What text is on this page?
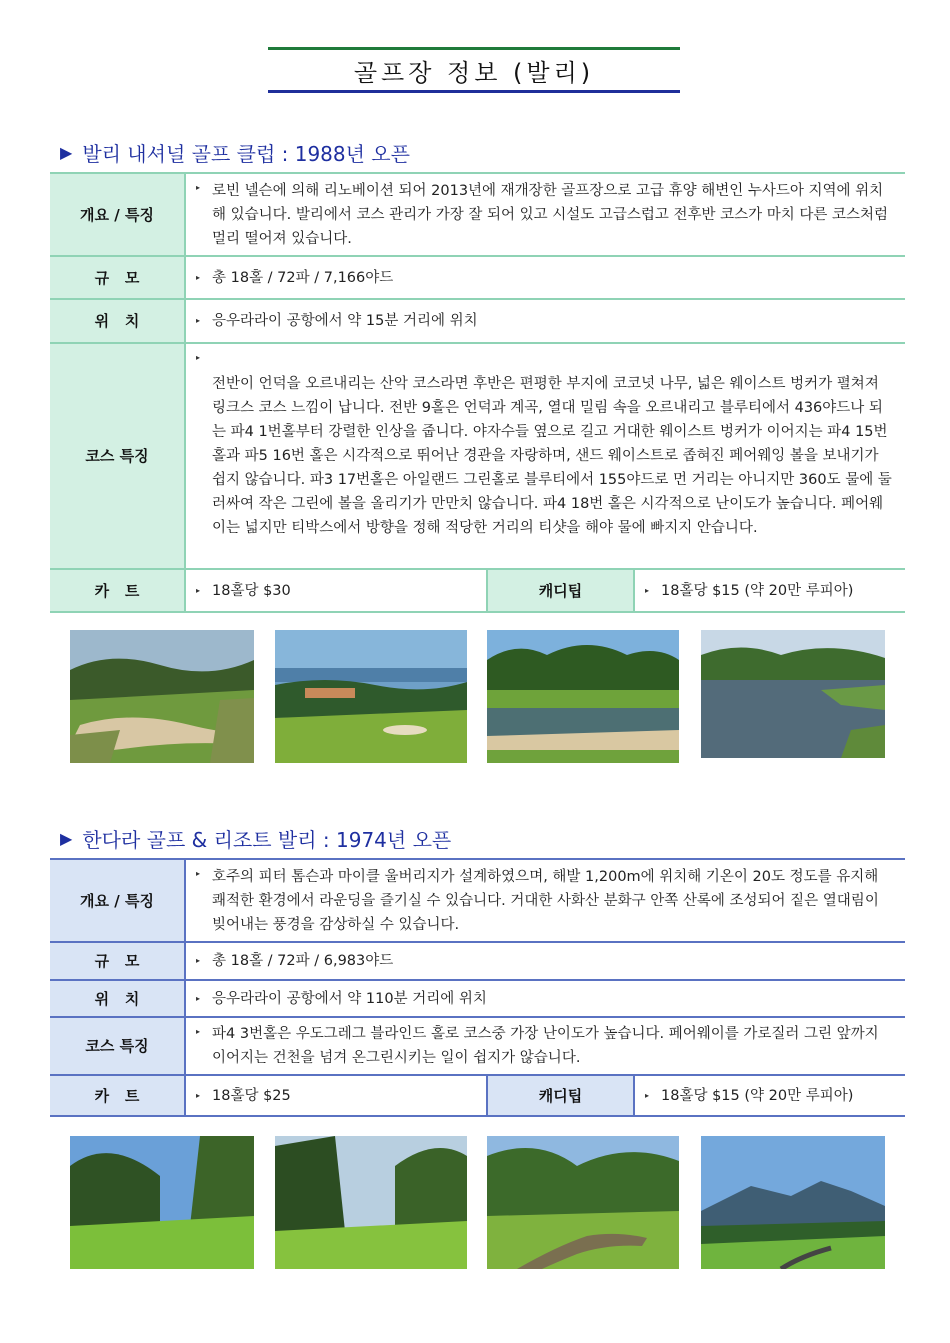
골프장 정보 (발리)
▶ 발리 내셔널 골프 클럽 : 1988년 오픈
개요 / 특징	▸ 로빈 넬슨에 의해 리노베이션 되어 2013년에 재개장한 골프장으로 고급 휴양 해변인 누사드아 지역에 위치해 있습니다. 발리에서 코스 관리가 가장 잘 되어 있고 시설도 고급스럽고 전후반 코스가 마치 다른 코스처럼 멀리 떨어져 있습니다.		
규   모	▸ 총 18홀 / 72파 / 7,166야드		
위   치	▸ 응우라라이 공항에서 약 15분 거리에 위치		
코스 특징	▸
전반이 언덕을 오르내리는 산악 코스라면 후반은 편평한 부지에 코코넛 나무, 넓은 웨이스트 벙커가 펼쳐져 링크스 코스 느낌이 납니다. 전반 9홀은 언덕과 계곡, 열대 밀림 속을 오르내리고 블루티에서 436야드나 되는 파4 1번홀부터 강렬한 인상을 줍니다. 야자수들 옆으로 길고 거대한 웨이스트 벙커가 이어지는 파4 15번홀과 파5 16번 홀은 시각적으로 뛰어난 경관을 자랑하며, 샌드 웨이스트로 좁혀진 페어웨잉 볼을 보내기가 쉽지 않습니다. 파3 17번홀은 아일랜드 그린홀로 블루티에서 155야드로 먼 거리는 아니지만 360도 물에 둘러싸여 작은 그린에 볼을 올리기가 만만치 않습니다. 파4 18번 홀은 시각적으로 난이도가 높습니다. 페어웨이는 넓지만 티박스에서 방향을 정해 적당한 거리의 티샷을 해야 물에 빠지지 안습니다.		
카   트	▸ 18홀당 $30	캐디팁	▸ 18홀당 $15 (약 20만 루피아)
▶ 한다라 골프 & 리조트 발리 : 1974년 오픈
개요 / 특징	▸ 호주의 피터 톰슨과 마이클 울버리지가 설계하였으며, 해발 1,200m에 위치해 기온이 20도 정도를 유지해 쾌적한 환경에서 라운딩을 즐기실 수 있습니다. 거대한 사화산 분화구 안쪽 산록에 조성되어 짙은 열대림이 빚어내는 풍경을 감상하실 수 있습니다.		
규   모	▸ 총 18홀 / 72파 / 6,983야드		
위   치	▸ 응우라라이 공항에서 약 110분 거리에 위치		
코스 특징	▸ 파4 3번홀은 우도그레그 블라인드 홀로 코스중 가장 난이도가 높습니다. 페어웨이를 가로질러 그린 앞까지 이어지는 건천을 넘겨 온그린시키는 일이 쉽지가 않습니다.		
카   트	▸ 18홀당 $25	캐디팁	▸ 18홀당 $15 (약 20만 루피아)
